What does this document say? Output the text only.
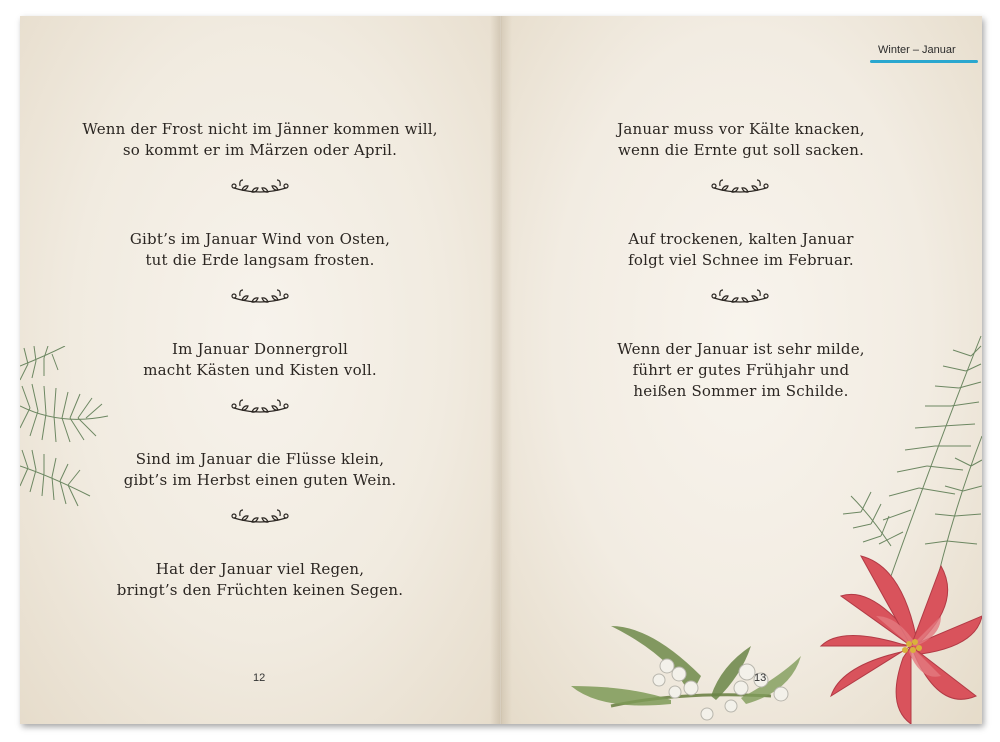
Wenn der Frost nicht im Jänner kommen will,
so kommt er im Märzen oder April.
Gibt’s im Januar Wind von Osten,
tut die Erde langsam frosten.
Im Januar Donnergroll
macht Kästen und Kisten voll.
Sind im Januar die Flüsse klein,
gibt’s im Herbst einen guten Wein.
Hat der Januar viel Regen,
bringt’s den Früchten keinen Segen.
12
Winter – Januar
Januar muss vor Kälte knacken,
wenn die Ernte gut soll sacken.
Auf trockenen, kalten Januar
folgt viel Schnee im Februar.
Wenn der Januar ist sehr milde,
führt er gutes Frühjahr und
heißen Sommer im Schilde.
13
